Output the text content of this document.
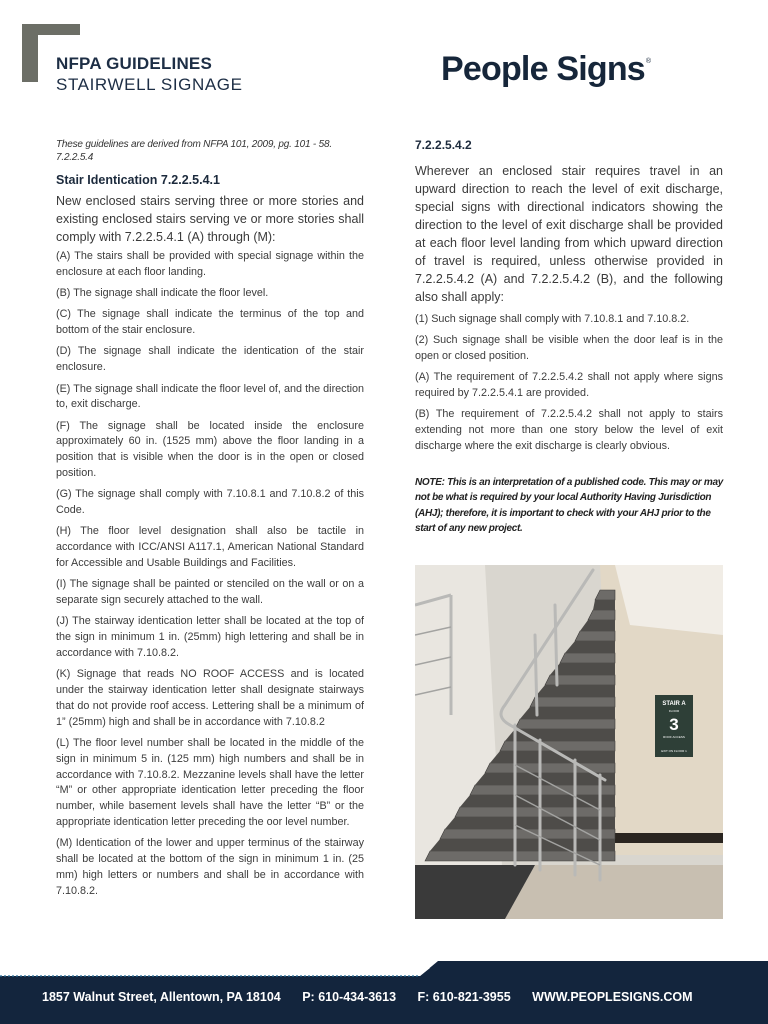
NFPA GUIDELINES
STAIRWELL SIGNAGE	People Signs®

These guidelines are derived from NFPA 101, 2009, pg. 101 - 58. 7.2.2.5.4

Stair Identication 7.2.2.5.4.1

New enclosed stairs serving three or more stories and existing enclosed stairs serving ve or more stories shall comply with 7.2.2.5.4.1 (A) through (M):

(A) The stairs shall be provided with special signage within the enclosure at each floor landing.

(B) The signage shall indicate the floor level.

(C) The signage shall indicate the terminus of the top and bottom of the stair enclosure.

(D) The signage shall indicate the identication of the stair enclosure.

(E) The signage shall indicate the floor level of, and the direction to, exit discharge.

(F) The signage shall be located inside the enclosure approximately 60 in. (1525 mm) above the floor landing in a position that is visible when the door is in the open or closed position.

(G) The signage shall comply with 7.10.8.1 and 7.10.8.2 of this Code.

(H) The floor level designation shall also be tactile in accordance with ICC/ANSI A117.1, American National Standard for Accessible and Usable Buildings and Facilities.

(I) The signage shall be painted or stenciled on the wall or on a separate sign securely attached to the wall.

(J) The stairway identication letter shall be located at the top of the sign in minimum 1 in. (25mm) high lettering and shall be in accordance with 7.10.8.2.

(K) Signage that reads NO ROOF ACCESS and is located under the stairway identication letter shall designate stairways that do not provide roof access. Lettering shall be a minimum of 1” (25mm) high and shall be in accordance with 7.10.8.2

(L) The floor level number shall be located in the middle of the sign in minimum 5 in. (125 mm) high numbers and shall be in accordance with 7.10.8.2. Mezzanine levels shall have the letter “M” or other appropriate identication letter preceding the floor number, while basement levels shall have the letter “B” or the appropriate identication letter preceding the oor level number.

(M) Identication of the lower and upper terminus of the stairway shall be located at the bottom of the sign in minimum 1 in. (25 mm) high letters or numbers and shall be in accordance with 7.10.8.2.

7.2.2.5.4.2

Wherever an enclosed stair requires travel in an upward direction to reach the level of exit discharge, special signs with directional indicators showing the direction to the level of exit discharge shall be provided at each floor level landing from which upward direction of travel is required, unless otherwise provided in 7.2.2.5.4.2 (A) and 7.2.2.5.4.2 (B), and the following also shall apply:

(1) Such signage shall comply with 7.10.8.1 and 7.10.8.2.

(2) Such signage shall be visible when the door leaf is in the open or closed position.

(A) The requirement of 7.2.2.5.4.2 shall not apply where signs required by 7.2.2.5.4.1 are provided.

(B) The requirement of 7.2.2.5.4.2 shall not apply to stairs extending not more than one story below the level of exit discharge where the exit discharge is clearly obvious.

NOTE: This is an interpretation of a published code. This may or may not be what is required by your local Authority Having Jurisdiction (AHJ); therefore, it is important to check with your AHJ prior to the start of any new project.

STAIR A
FLOOR
3
ROOF ACCESS
EXIT ON FLOOR 1
1857 Walnut Street, Allentown, PA 18104 P: 610-434-3613 F: 610-821-3955 WWW.PEOPLESIGNS.COM
